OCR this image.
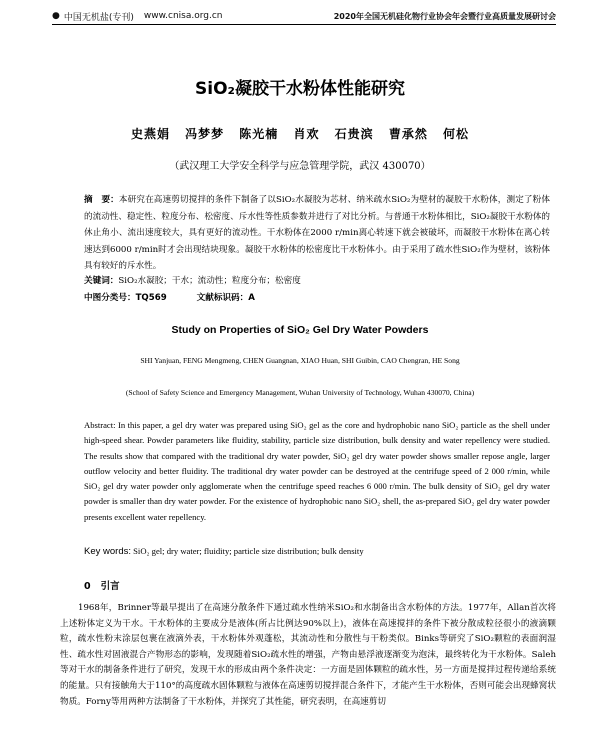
● 中国无机盐(专刊) www.cnisa.org.cn	2020年全国无机硅化物行业协会年会暨行业高质量发展研讨会
SiO₂凝胶干水粉体性能研究
史燕娟 冯梦梦 陈光楠 肖欢 石贵滨 曹承然 何松
（武汉理工大学安全科学与应急管理学院，武汉 430070）
摘　要：本研究在高速剪切搅拌的条件下制备了以SiO₂水凝胶为芯材、纳米疏水SiO₂为壁材的凝胶干水粉体，测定了粉体的流动性、稳定性、粒度分布、松密度、斥水性等性质参数并进行了对比分析。与普通干水粉体相比，SiO₂凝胶干水粉体的休止角小、流出速度较大，具有更好的流动性。干水粉体在2000 r/min离心转速下就会被破坏，而凝胶干水粉体在离心转速达到6000 r/min时才会出现结块现象。凝胶干水粉体的松密度比干水粉体小。由于采用了疏水性SiO₂作为壁材，该粉体具有较好的斥水性。
关键词：SiO₂水凝胶；干水；流动性；粒度分布；松密度
中图分类号：TQ569	文献标识码：A
Study on Properties of SiO₂ Gel Dry Water Powders
SHI Yanjuan, FENG Mengmeng, CHEN Guangnan, XIAO Huan, SHI Guibin, CAO Chengran, HE Song
(School of Safety Science and Emergency Management, Wuhan University of Technology, Wuhan 430070, China)
Abstract: In this paper, a gel dry water was prepared using SiO₂ gel as the core and hydrophobic nano SiO₂ particle as the shell under high-speed shear. Powder parameters like fluidity, stability, particle size distribution, bulk density and water repellency were studied. The results show that compared with the traditional dry water powder, SiO₂ gel dry water powder shows smaller repose angle, larger outflow velocity and better fluidity. The traditional dry water powder can be destroyed at the centrifuge speed of 2 000 r/min, while SiO₂ gel dry water powder only agglomerate when the centrifuge speed reaches 6 000 r/min. The bulk density of SiO₂ gel dry water powder is smaller than dry water powder. For the existence of hydrophobic nano SiO₂ shell, the as-prepared SiO₂ gel dry water powder presents excellent water repellency.
Key words: SiO₂ gel; dry water; fluidity; particle size distribution; bulk density
0 引言
1968年，Brinner等最早提出了在高速分散条件下通过疏水性纳米SiO₂和水制备出含水粉体的方法。1977年，Allan首次将上述粉体定义为干水。干水粉体的主要成分是液体(所占比例达90%以上)，液体在高速搅拌的条件下被分散成粒径很小的液滴颗粒，疏水性粉末涂层包裹在液滴外表，干水粉体外观蓬松，其流动性和分散性与干粉类似。Binks等研究了SiO₂颗粒的表面润湿性、疏水性对固液混合产物形态的影响，发现随着SiO₂疏水性的增强，产物由悬浮液逐渐变为泡沫，最终转化为干水粉体。Saleh等对干水的制备条件进行了研究，发现干水的形成由两个条件决定：一方面是固体颗粒的疏水性，另一方面是搅拌过程传递给系统的能量。只有接触角大于110°的高度疏水固体颗粒与液体在高速剪切搅拌混合条件下，才能产生干水粉体，否则可能会出现蜂窝状物质。Forny等用两种方法制备了干水粉体，并探究了其性能，研究表明，在高速剪切
